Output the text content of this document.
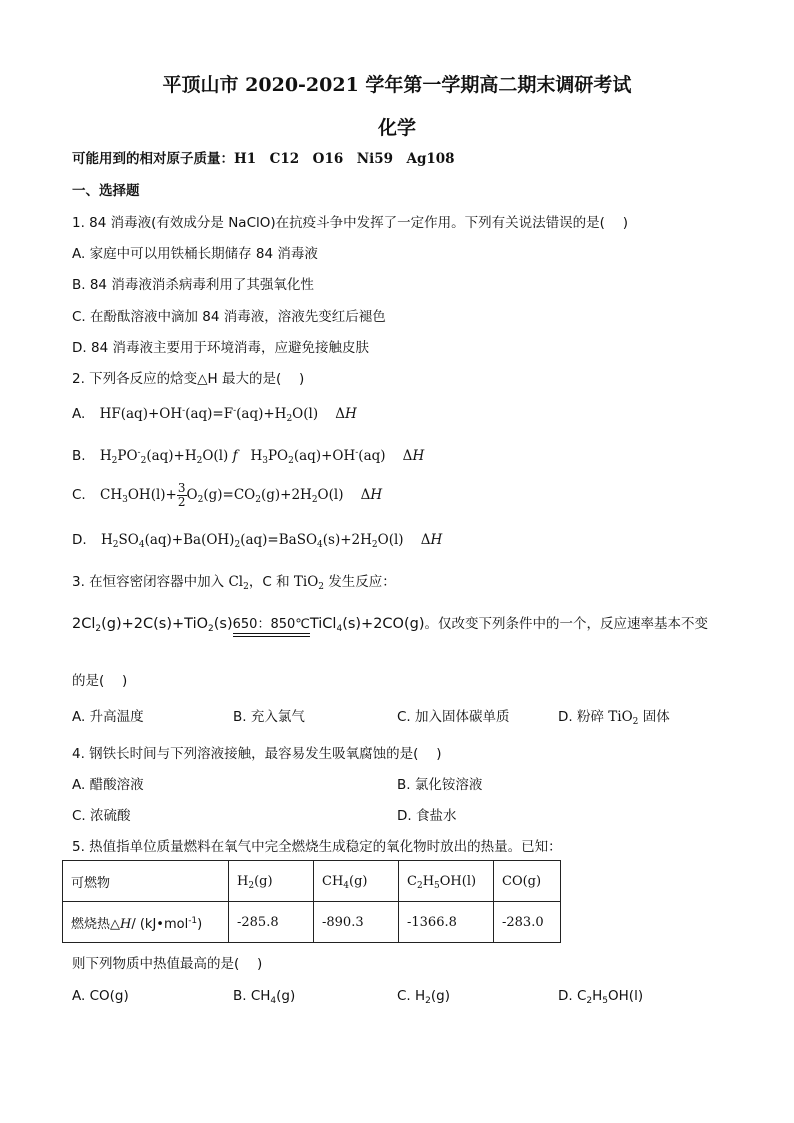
平顶山市 2020-2021 学年第一学期高二期末调研考试
化学
可能用到的相对原子质量：H1　C12　O16　Ni59　Ag108
一、选择题
1. 84 消毒液(有效成分是 NaClO)在抗疫斗争中发挥了一定作用。下列有关说法错误的是(　 )
A. 家庭中可以用铁桶长期储存 84 消毒液
B. 84 消毒液消杀病毒利用了其强氧化性
C. 在酚酞溶液中滴加 84 消毒液，溶液先变红后褪色
D. 84 消毒液主要用于环境消毒，应避免接触皮肤
2. 下列各反应的焓变△H 最大的是(　 )
A. $HF(aq)+OH^-(aq)=F^-(aq)+H_2O(l)$    ΔH
B. $H_2PO^-_2(aq)+H_2O(l)$ f   $H_3PO_2(aq)+OH^-(aq)$    ΔH
C. $CH_3OH(l)+ \frac{3}{2} O_2(g)=CO_2(g)+2H_2O(l)$    ΔH
D. $H_2SO_4(aq)+Ba(OH)_2(aq)=BaSO_4(s)+2H_2O(l)$    ΔH
3. 在恒容密闭容器中加入 $Cl_2$，C 和 TiO$_2$ 发生反应：
$2Cl_2(g)+2C(s)+TiO_2(s)$ 650：850℃ TiCl$_4$(s)+2CO(g)。仅改变下列条件中的一个，反应速率基本不变
的是(　 )
A. 升高温度	B. 充入氯气	C. 加入固体碳单质	D. 粉碎 TiO$_2$ 固体
4. 钢铁长时间与下列溶液接触，最容易发生吸氧腐蚀的是(　 )
A. 醋酸溶液	B. 氯化铵溶液
C. 浓硫酸	D. 食盐水
5. 热值指单位质量燃料在氧气中完全燃烧生成稳定的氧化物时放出的热量。已知：
可燃物	$H_2(g)$	$CH_4(g)$	$C_2H_5OH(l)$	CO(g)
燃烧热△H/ (kJ•mol$^{-1}$)	-285.8	-890.3	-1366.8	-283.0
则下列物质中热值最高的是(　 )
A. CO(g)	B. $CH_4(g)$	C. $H_2(g)$	D. $C_2H_5OH(l)$
